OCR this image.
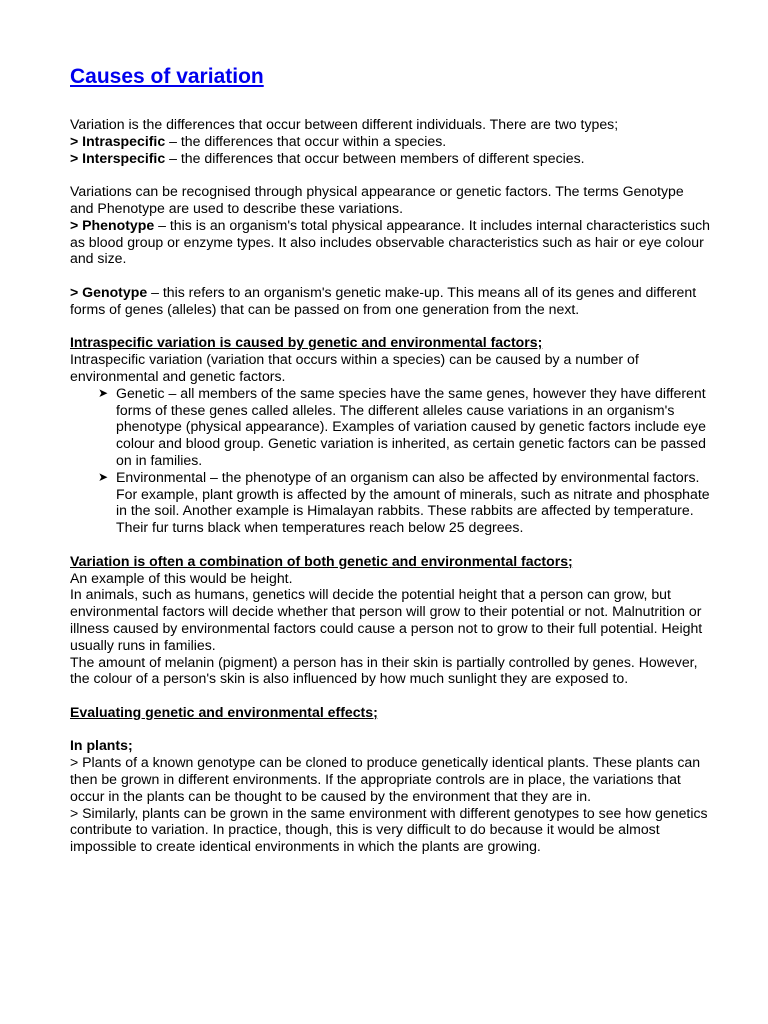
Causes of variation

Variation is the differences that occur between different individuals. There are two types;

> Intraspecific – the differences that occur within a species.

> Interspecific – the differences that occur between members of different species.

Variations can be recognised through physical appearance or genetic factors. The terms Genotype and Phenotype are used to describe these variations.

> Phenotype – this is an organism's total physical appearance. It includes internal characteristics such as blood group or enzyme types. It also includes observable characteristics such as hair or eye colour and size.

> Genotype – this refers to an organism's genetic make-up. This means all of its genes and different forms of genes (alleles) that can be passed on from one generation from the next.

Intraspecific variation is caused by genetic and environmental factors;

Intraspecific variation (variation that occurs within a species) can be caused by a number of environmental and genetic factors.

➤ Genetic – all members of the same species have the same genes, however they have different forms of these genes called alleles. The different alleles cause variations in an organism's phenotype (physical appearance). Examples of variation caused by genetic factors include eye colour and blood group. Genetic variation is inherited, as certain genetic factors can be passed on in families.
➤ Environmental – the phenotype of an organism can also be affected by environmental factors. For example, plant growth is affected by the amount of minerals, such as nitrate and phosphate in the soil. Another example is Himalayan rabbits. These rabbits are affected by temperature. Their fur turns black when temperatures reach below 25 degrees.

Variation is often a combination of both genetic and environmental factors;

An example of this would be height.

In animals, such as humans, genetics will decide the potential height that a person can grow, but environmental factors will decide whether that person will grow to their potential or not. Malnutrition or illness caused by environmental factors could cause a person not to grow to their full potential. Height usually runs in families.

The amount of melanin (pigment) a person has in their skin is partially controlled by genes. However, the colour of a person's skin is also influenced by how much sunlight they are exposed to.

Evaluating genetic and environmental effects;

In plants;

> Plants of a known genotype can be cloned to produce genetically identical plants. These plants can then be grown in different environments. If the appropriate controls are in place, the variations that occur in the plants can be thought to be caused by the environment that they are in.

> Similarly, plants can be grown in the same environment with different genotypes to see how genetics contribute to variation. In practice, though, this is very difficult to do because it would be almost impossible to create identical environments in which the plants are growing.
